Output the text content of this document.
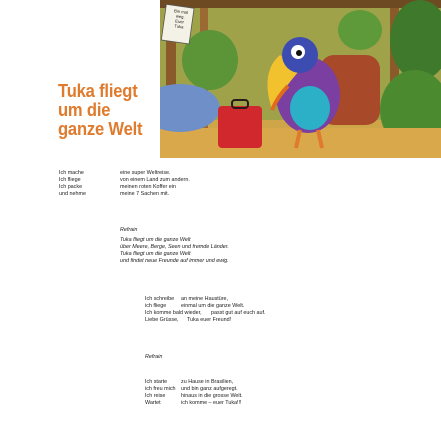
Bin mal
weg.
Euer
Tuka
Tuka fliegt
um die
ganze Welt
Ich mache	eine super Weltreise.
Ich fliege	von einem Land zum andern.
Ich packe	meinen roten Koffer ein
und nehme	meine 7 Sachen mit.
Refrain
Tuka fliegt um die ganze Welt
über Meere, Berge, Seen und fremde Länder.
Tuka fliegt um die ganze Welt
und findet neue Freunde auf immer und ewig.
Ich schreibe	an meine Haustüre,
ich fliege	einmal um die ganze Welt.
Ich komme bald wieder,	passt gut auf euch auf.
Liebe Grüsse,	Tuka euer Freund!
Refrain
Ich starte	zu Hause in Brasilien,
ich freu mich	und bin ganz aufgeregt.
Ich reise	hinaus in die grosse Welt.
Wartet	ich komme – euer Tuka!!!
